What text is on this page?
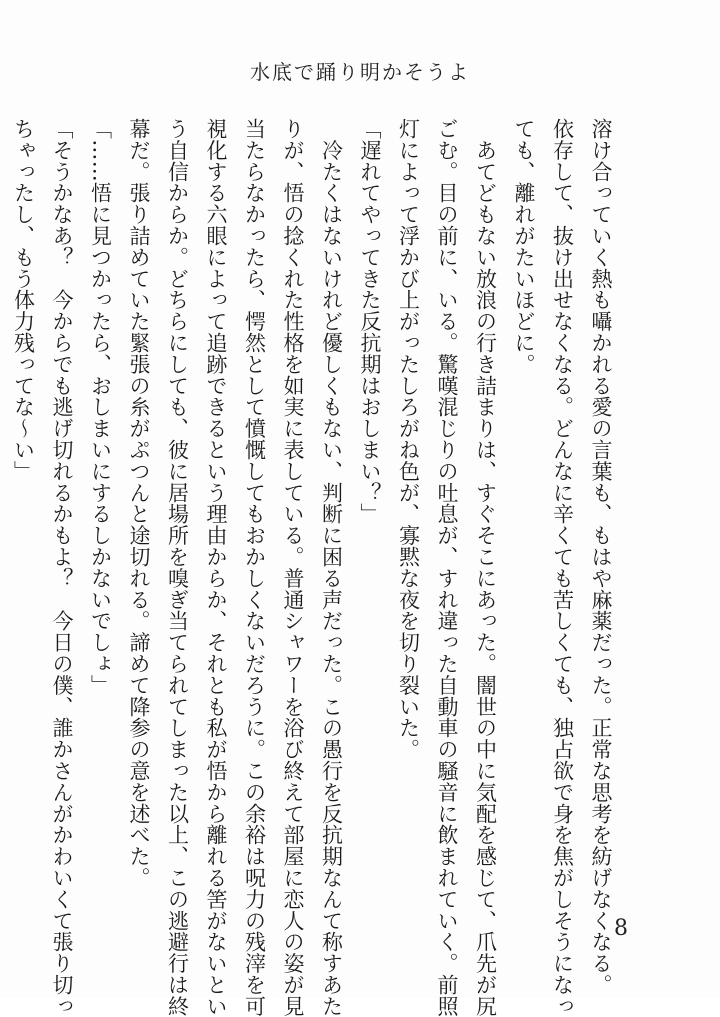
水底で踊り明かそうよ
溶け合っていく熱も囁かれる愛の言葉も、もはや麻薬だった。正常な思考を紡げなくなる。
依存して、抜け出せなくなる。どんなに辛くても苦しくても、独占欲で身を焦がしそうになっ
ても、離れがたいほどに。
　あてどもない放浪の行き詰まりは、すぐそこにあった。闇世の中に気配を感じて、爪先が尻
ごむ。目の前に、いる。驚嘆混じりの吐息が、すれ違った自動車の騒音に飲まれていく。前照
灯によって浮かび上がったしろがね色が、寡黙な夜を切り裂いた。
「遅れてやってきた反抗期はおしまい？」
　冷たくはないけれど優しくもない、判断に困る声だった。この愚行を反抗期なんて称すあた
りが、悟の捻くれた性格を如実に表している。普通シャワーを浴び終えて部屋に恋人の姿が見
当たらなかったら、愕然として憤慨してもおかしくないだろうに。この余裕は呪力の残滓を可
視化する六眼によって追跡できるという理由からか、それとも私が悟から離れる筈がないとい
う自信からか。どちらにしても、彼に居場所を嗅ぎ当てられてしまった以上、この逃避行は終
幕だ。張り詰めていた緊張の糸がぷつんと途切れる。諦めて降参の意を述べた。
「……悟に見つかったら、おしまいにするしかないでしょ」
「そうかなあ？　今からでも逃げ切れるかもよ？　今日の僕、誰かさんがかわいくて張り切っ
ちゃったし、もう体力残ってな〜い」
8
